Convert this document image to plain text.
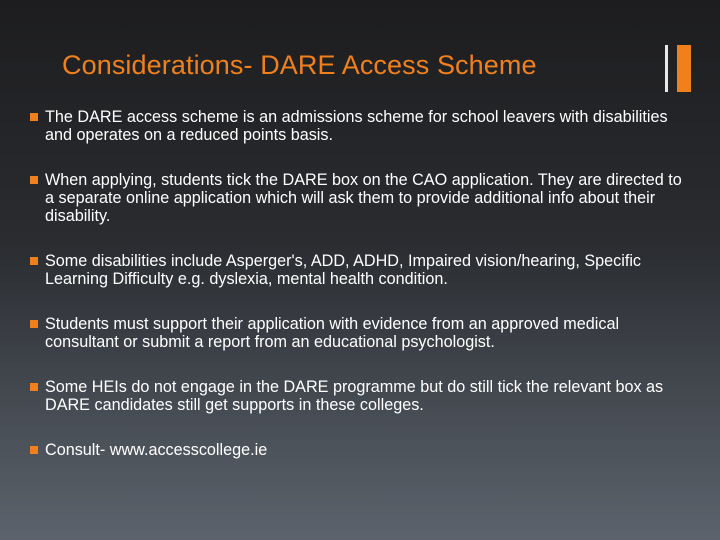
Considerations- DARE Access Scheme
The DARE access scheme is an admissions scheme for school leavers with disabilities and operates on a reduced points basis.
When applying, students tick the DARE box on the CAO application. They are directed to a separate online application which will ask them to provide additional info about their disability.
Some disabilities include Asperger's, ADD, ADHD, Impaired vision/hearing, Specific Learning Difficulty e.g. dyslexia, mental health condition.
Students must support their application with evidence from an approved medical consultant or submit a report from an educational psychologist.
Some HEIs do not engage in the DARE programme but do still tick the relevant box as DARE candidates still get supports in these colleges.
Consult- www.accesscollege.ie
